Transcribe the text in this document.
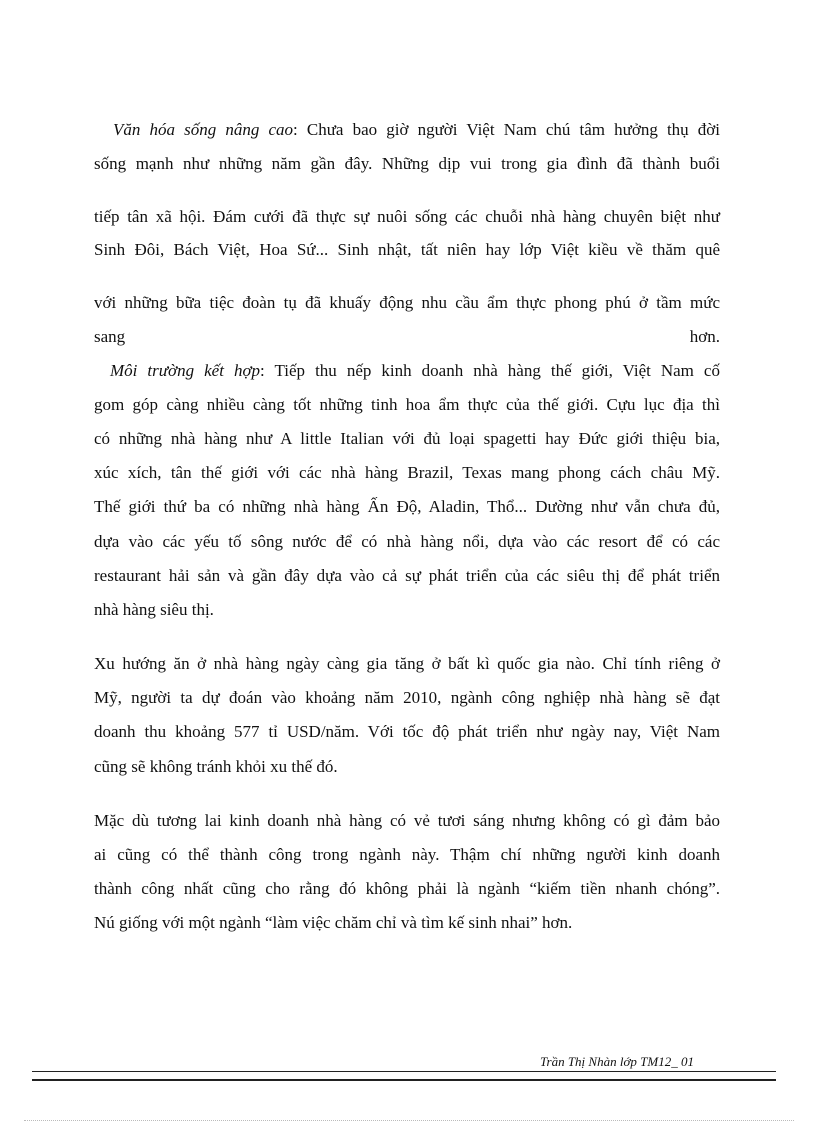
Văn hóa sống nâng cao: Chưa bao giờ người Việt Nam chú tâm hưởng thụ đời
sống mạnh như những năm gần đây. Những dịp vui trong gia đình đã thành buổi
tiếp tân xã hội. Đám cưới đã thực sự nuôi sống các chuỗi nhà hàng chuyên biệt như
Sinh Đôi, Bách Việt, Hoa Sứ... Sinh nhật, tất niên hay lớp Việt kiều về thăm quê
với những bữa tiệc đoàn tụ đã khuấy động nhu cầu ẩm thực phong phú ở tầm mức
sang hơn.
Môi trường kết hợp: Tiếp thu nếp kinh doanh nhà hàng thế giới, Việt Nam cố
gom góp càng nhiều càng tốt những tinh hoa ẩm thực của thế giới. Cựu lục địa thì
có những nhà hàng như A little Italian với đủ loại spagetti hay Đức giới thiệu bia,
xúc xích, tân thế giới với các nhà hàng Brazil, Texas mang phong cách châu Mỹ.
Thế giới thứ ba có những nhà hàng Ấn Độ, Aladin, Thổ... Dường như vẫn chưa đủ,
dựa vào các yếu tố sông nước để có nhà hàng nổi, dựa vào các resort để có các
restaurant hải sản và gần đây dựa vào cả sự phát triển của các siêu thị để phát triển
nhà hàng siêu thị.
Xu hướng ăn ở nhà hàng ngày càng gia tăng ở bất kì quốc gia nào. Chỉ tính riêng ở
Mỹ, người ta dự đoán vào khoảng năm 2010, ngành công nghiệp nhà hàng sẽ đạt
doanh thu khoảng 577 tỉ USD/năm. Với tốc độ phát triển như ngày nay, Việt Nam
cũng sẽ không tránh khỏi xu thế đó.
Mặc dù tương lai kinh doanh nhà hàng có vẻ tươi sáng nhưng không có gì đảm bảo
ai cũng có thể thành công trong ngành này. Thậm chí những người kinh doanh
thành công nhất cũng cho rằng đó không phải là ngành “kiếm tiền nhanh chóng”.
Nú giống với một ngành “làm việc chăm chỉ và tìm kế sinh nhai” hơn.
Trần Thị Nhàn lớp TM12_ 01
